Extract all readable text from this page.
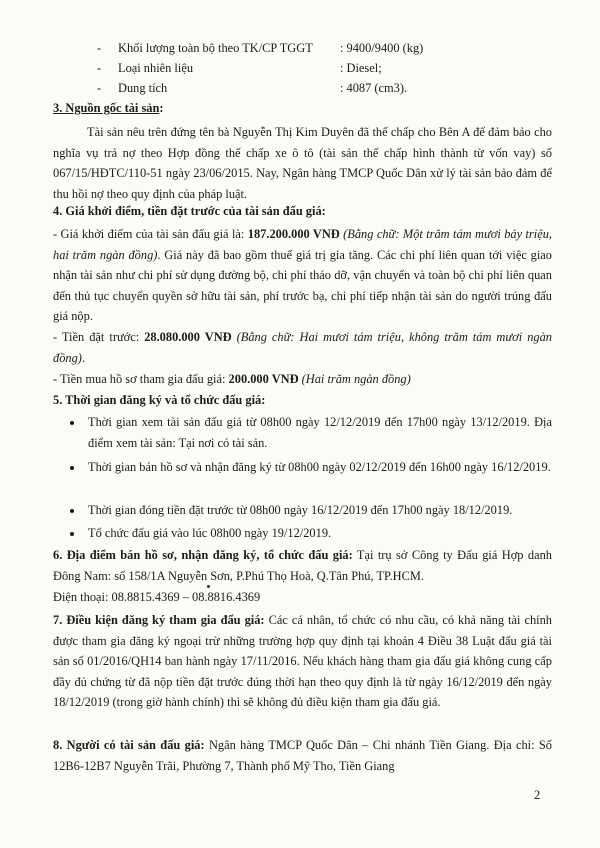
- Khối lượng toàn bộ theo TK/CP TGGT : 9400/9400 (kg)
- Loại nhiên liệu	: Diesel;
- Dung tích	: 4087 (cm3).
3. Nguồn gốc tài sản:
Tài sản nêu trên đứng tên bà Nguyễn Thị Kim Duyên đã thế chấp cho Bên A để đảm bảo cho nghĩa vụ trả nợ theo Hợp đồng thế chấp xe ô tô (tài sản thế chấp hình thành từ vốn vay) số 067/15/HĐTC/110-51 ngày 23/06/2015. Nay, Ngân hàng TMCP Quốc Dân xử lý tài sản bảo đảm để thu hồi nợ theo quy định của pháp luật.
4. Giá khởi điểm, tiền đặt trước của tài sản đấu giá:
- Giá khởi điểm của tài sản đấu giá là: 187.200.000 VNĐ (Bằng chữ: Một trăm tám mươi bảy triệu, hai trăm ngàn đồng). Giá này đã bao gồm thuế giá trị gia tăng. Các chi phí liên quan tới việc giao nhận tài sản như chi phí sử dụng đường bộ, chi phí tháo dỡ, vận chuyển và toàn bộ chi phí liên quan đến thủ tục chuyển quyền sở hữu tài sản, phí trước bạ, chi phí tiếp nhận tài sản do người trúng đấu giá nộp.
- Tiền đặt trước: 28.080.000 VNĐ (Bằng chữ: Hai mươi tám triệu, không trăm tám mươi ngàn đồng).
- Tiền mua hồ sơ tham gia đấu giá: 200.000 VNĐ (Hai trăm ngàn đồng)
5. Thời gian đăng ký và tổ chức đấu giá:
Thời gian xem tài sản đấu giá từ 08h00 ngày 12/12/2019 đến 17h00 ngày 13/12/2019. Địa điểm xem tài sản: Tại nơi có tài sản.
Thời gian bán hồ sơ và nhận đăng ký từ 08h00 ngày 02/12/2019 đến 16h00 ngày 16/12/2019.
Thời gian đóng tiền đặt trước từ 08h00 ngày 16/12/2019 đến 17h00 ngày 18/12/2019.
Tổ chức đấu giá vào lúc 08h00 ngày 19/12/2019.
6. Địa điểm bán hồ sơ, nhận đăng ký, tổ chức đấu giá: Tại trụ sở Công ty Đấu giá Hợp danh Đông Nam: số 158/1A Nguyễn Sơn, P.Phú Thọ Hoà, Q.Tân Phú, TP.HCM.
Điện thoại: 08.8815.4369 – 08.8816.4369
7. Điều kiện đăng ký tham gia đấu giá: Các cá nhân, tổ chức có nhu cầu, có khả năng tài chính được tham gia đăng ký ngoại trừ những trường hợp quy định tại khoản 4 Điều 38 Luật đấu giá tài sản số 01/2016/QH14 ban hành ngày 17/11/2016. Nếu khách hàng tham gia đấu giá không cung cấp đầy đủ chứng từ đã nộp tiền đặt trước đúng thời hạn theo quy định là từ ngày 16/12/2019 đến ngày 18/12/2019 (trong giờ hành chính) thì sẽ không đủ điều kiện tham gia đấu giá.
8. Người có tài sản đấu giá: Ngân hàng TMCP Quốc Dân – Chi nhánh Tiền Giang. Địa chỉ: Số 12B6-12B7 Nguyễn Trãi, Phường 7, Thành phố Mỹ Tho, Tiền Giang
2
